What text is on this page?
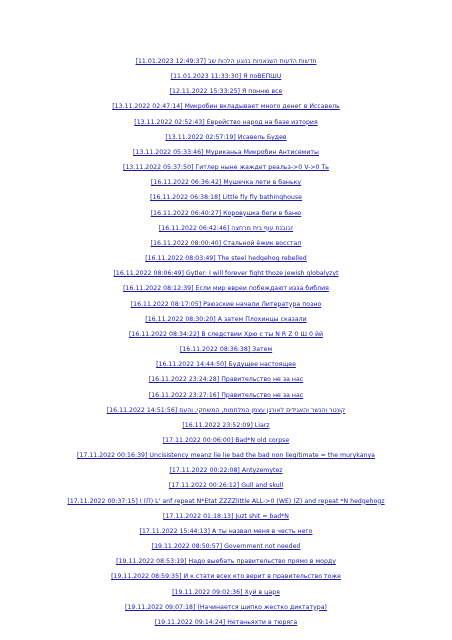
[11.01.2023 12:49:37] חדשות הדעות השנאניות בנוגע הלכות שב
[11.01.2023 11:33:30] Я поВЕПШU
[12.11.2022 15:33:25] Я понню все
[13.11.2022 02:47:14] Микробин вкладывает много денег в Иссавель
[13.11.2022 02:52:43] Еврейство народ на базе изтория
[13.11.2022 02:57:19] Исавель Будев
[13.11.2022 05:33:46] Муриканьа Микробин Антисемиты
[13.11.2022 05:37:50] Гитлер ныне жаждет реальз->0 V->0 Ть
[16.11.2022 06:36:42] Мушечка лети в баньку
[16.11.2022 06:38:18] Little fly fly bathinghouse
[16.11.2022 06:40:27] Коровушка беги в баню
[16.11.2022 06:42:46] זבובנת עוף בית מרחצה
[16.11.2022 08:00:40] Стальной ёжик восстал
[16.11.2022 08:03:49] The steel hedgehog rebelled
[16.11.2022 08:06:49] Gytler: I will forever fight thoze jewish globalyzyt
[16.11.2022 08:12:39] Если мир евреи побеждают изза библия
[16.11.2022 08:17:05] Рэюзские начали Литература позно
[16.11.2022 08:30:20] А затем Плохинцы сказали
[16.11.2022 08:34:22] В следствии Хрю с ты N R Z 0 Ш 0 йй
[16.11.2022 08:36:38] Затем
[16.11.2022 14:44:50] Будущее настоящее
[16.11.2022 23:24:28] Правительство не за нас
[16.11.2022 23:27:16] Правительство не за нас
[16.11.2022 14:51:56] קונטר והנשר והאגידים לאורגן עצמן המלחמות, המשחקי, והעם
[16.11.2022 23:52:09] Liarz
[17.11.2022 00:06:00] Bad*N old corpse
[17.11.2022 00:16:39] Uncisistency meanz lie lie bad the bad non liegitimate = the murykanya
[17.11.2022 00:22:08] Antyzemytez
[17.11.2022 00:26:12] Gull and skull
[17.11.2022 00:37:15] І (П) L' anf repeat N*Etat ZZZZlittle ALL->0 (WE) (Z) and repeat *N hedgehogz
[17.11.2022 01:18:13] Juzt shit = bad*N
[17.11.2022 15:44:13] А ты назвал меня в честь него
[19.11.2022 08:50:57] Government not needed
[19.11.2022 08:53:19] Надо выебать правительство прямо в морду
[19.11.2022 08:59:35] И к стати всех кто верит в правительство тоже
[19.11.2022 09:02:36] Хуй в царя
[19.11.2022 09:07:18] (Начинается шипко жестко диктатура)
[19.11.2022 09:14:24] Нетаньяхти в тюряга
